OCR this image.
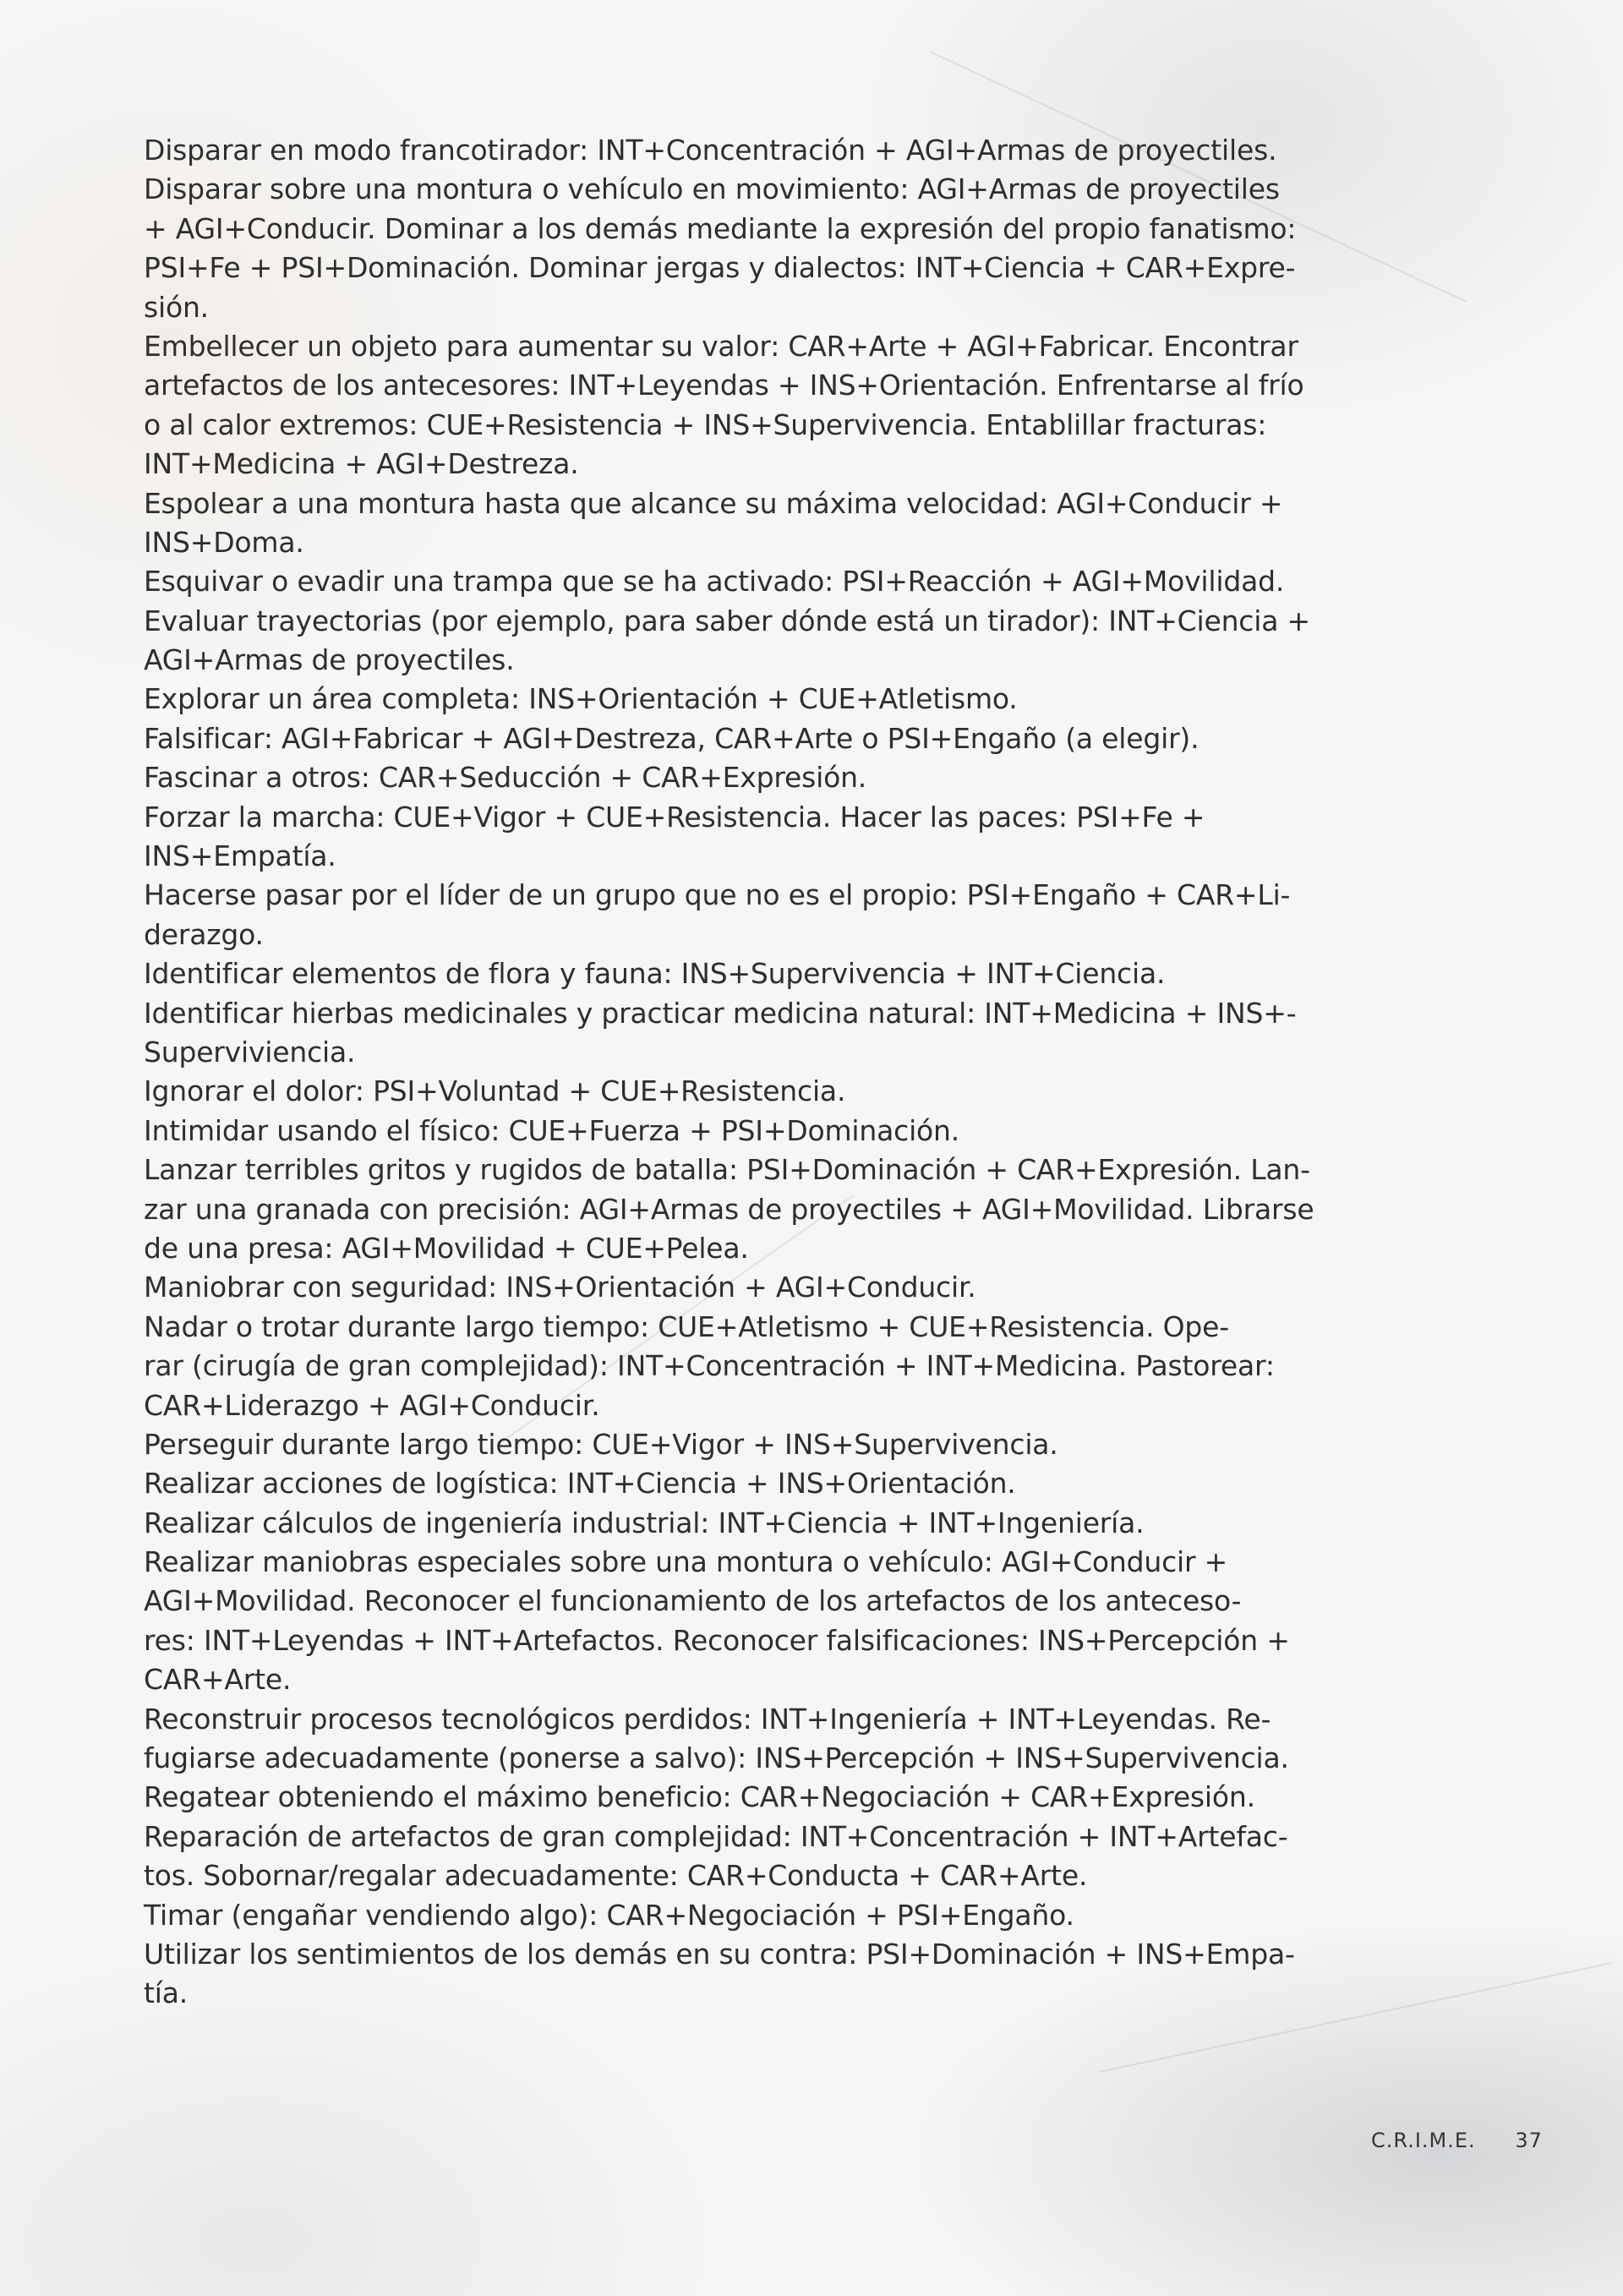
Disparar en modo francotirador: INT+Concentración + AGI+Armas de proyectiles.
Disparar sobre una montura o vehículo en movimiento: AGI+Armas de proyectiles
+ AGI+Conducir. Dominar a los demás mediante la expresión del propio fanatismo:
PSI+Fe + PSI+Dominación. Dominar jergas y dialectos: INT+Ciencia + CAR+Expre-
sión.
Embellecer un objeto para aumentar su valor: CAR+Arte + AGI+Fabricar. Encontrar
artefactos de los antecesores: INT+Leyendas + INS+Orientación. Enfrentarse al frío
o al calor extremos: CUE+Resistencia + INS+Supervivencia. Entablillar fracturas:
INT+Medicina + AGI+Destreza.
Espolear a una montura hasta que alcance su máxima velocidad: AGI+Conducir +
INS+Doma.
Esquivar o evadir una trampa que se ha activado: PSI+Reacción + AGI+Movilidad.
Evaluar trayectorias (por ejemplo, para saber dónde está un tirador): INT+Ciencia +
AGI+Armas de proyectiles.
Explorar un área completa: INS+Orientación + CUE+Atletismo.
Falsificar: AGI+Fabricar + AGI+Destreza, CAR+Arte o PSI+Engaño (a elegir).
Fascinar a otros: CAR+Seducción + CAR+Expresión.
Forzar la marcha: CUE+Vigor + CUE+Resistencia. Hacer las paces: PSI+Fe +
INS+Empatía.
Hacerse pasar por el líder de un grupo que no es el propio: PSI+Engaño + CAR+Li-
derazgo.
Identificar elementos de flora y fauna: INS+Supervivencia + INT+Ciencia.
Identificar hierbas medicinales y practicar medicina natural: INT+Medicina + INS+-
Superviviencia.
Ignorar el dolor: PSI+Voluntad + CUE+Resistencia.
Intimidar usando el físico: CUE+Fuerza + PSI+Dominación.
Lanzar terribles gritos y rugidos de batalla: PSI+Dominación + CAR+Expresión. Lan-
zar una granada con precisión: AGI+Armas de proyectiles + AGI+Movilidad. Librarse
de una presa: AGI+Movilidad + CUE+Pelea.
Maniobrar con seguridad: INS+Orientación + AGI+Conducir.
Nadar o trotar durante largo tiempo: CUE+Atletismo + CUE+Resistencia. Ope-
rar (cirugía de gran complejidad): INT+Concentración + INT+Medicina. Pastorear:
CAR+Liderazgo + AGI+Conducir.
Perseguir durante largo tiempo: CUE+Vigor + INS+Supervivencia.
Realizar acciones de logística: INT+Ciencia + INS+Orientación.
Realizar cálculos de ingeniería industrial: INT+Ciencia + INT+Ingeniería.
Realizar maniobras especiales sobre una montura o vehículo: AGI+Conducir +
AGI+Movilidad. Reconocer el funcionamiento de los artefactos de los anteceso-
res: INT+Leyendas + INT+Artefactos. Reconocer falsificaciones: INS+Percepción +
CAR+Arte.
Reconstruir procesos tecnológicos perdidos: INT+Ingeniería + INT+Leyendas. Re-
fugiarse adecuadamente (ponerse a salvo): INS+Percepción + INS+Supervivencia.
Regatear obteniendo el máximo beneficio: CAR+Negociación + CAR+Expresión.
Reparación de artefactos de gran complejidad: INT+Concentración + INT+Artefac-
tos. Sobornar/regalar adecuadamente: CAR+Conducta + CAR+Arte.
Timar (engañar vendiendo algo): CAR+Negociación + PSI+Engaño.
Utilizar los sentimientos de los demás en su contra: PSI+Dominación + INS+Empa-
tía.
C.R.I.M.E. 37
